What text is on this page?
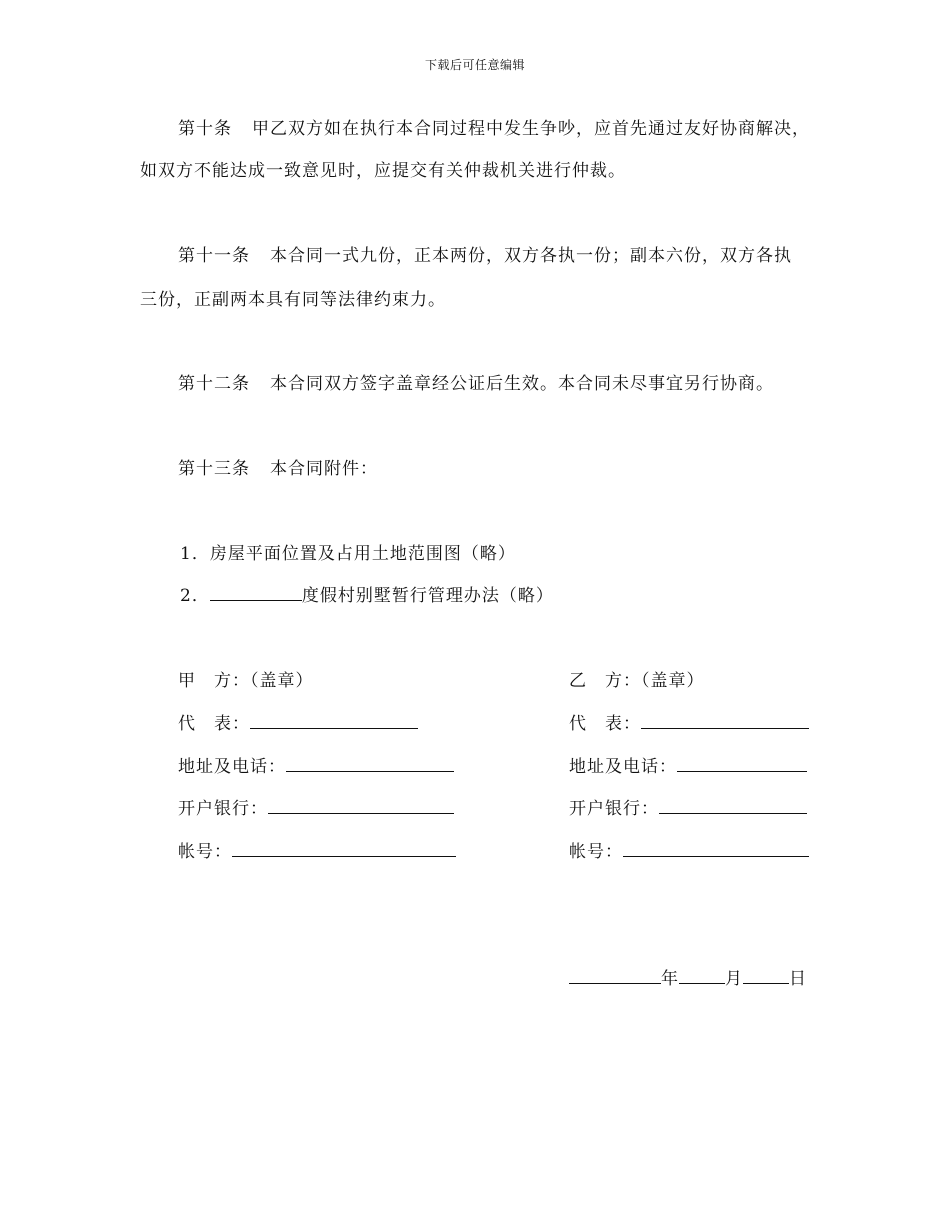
下载后可任意编辑
第十条 甲乙双方如在执行本合同过程中发生争吵，应首先通过友好协商解决，
如双方不能达成一致意见时，应提交有关仲裁机关进行仲裁。
第十一条 本合同一式九份，正本两份，双方各执一份；副本六份，双方各执
三份，正副两本具有同等法律约束力。
第十二条 本合同双方签字盖章经公证后生效。本合同未尽事宜另行协商。
第十三条 本合同附件：
1．房屋平面位置及占用土地范围图（略）
2．	度假村别墅暂行管理办法（略）
甲　方：（盖章）
代　表：
地址及电话：
开户银行：
帐号：
乙　方：（盖章）
代　表：
地址及电话：
开户银行：
帐号：
年	月	日
